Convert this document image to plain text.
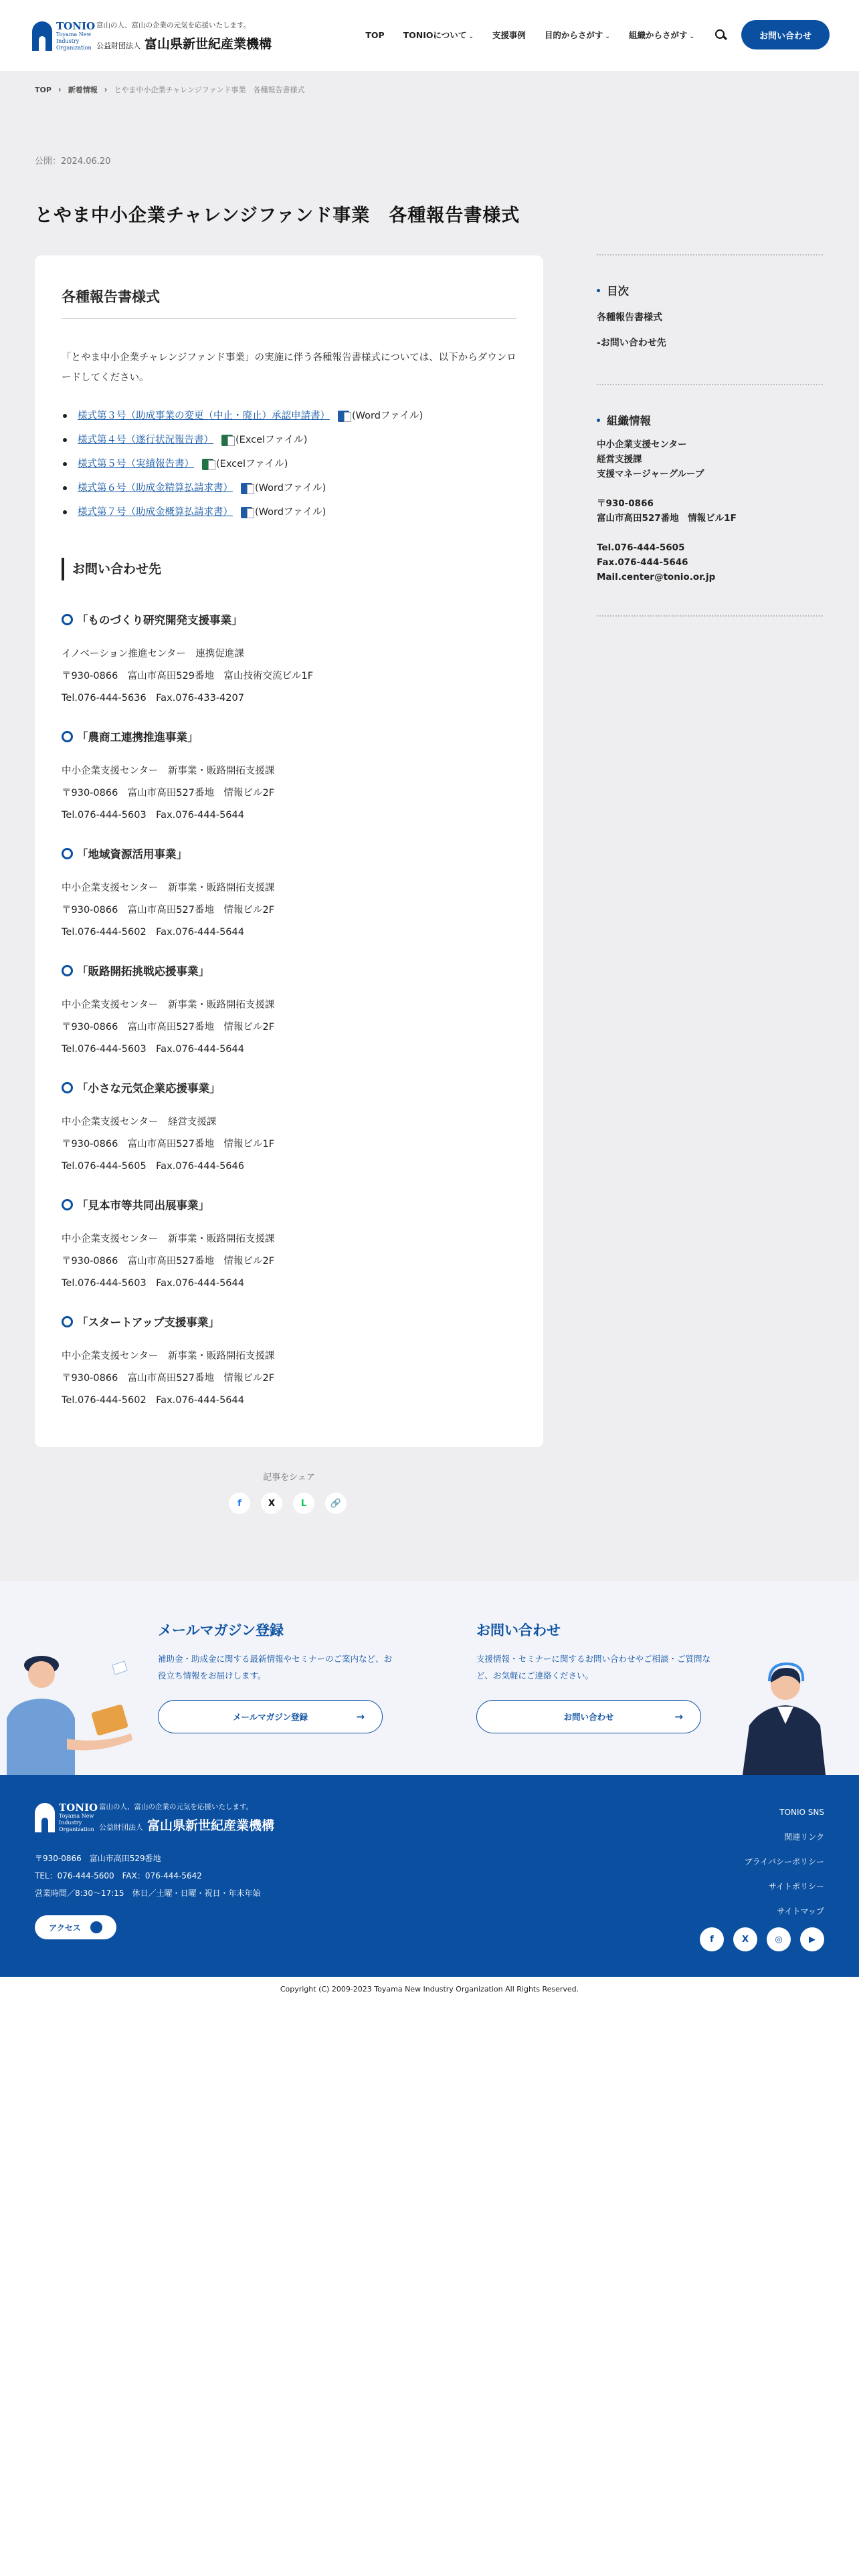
TONIO
Toyama New Industry Organization
富山の人、富山の企業の元気を応援いたします。
公益財団法人 富山県新世紀産業機構
TOP TONIOについて ⌄ 支援事例 目的からさがす ⌄ 組織からさがす ⌄	お問い合わせ
TOP › 新着情報 › とやま中小企業チャレンジファンド事業　各種報告書様式
公開：2024.06.20
とやま中小企業チャレンジファンド事業　各種報告書様式
各種報告書様式

「とやま中小企業チャレンジファンド事業」の実施に伴う各種報告書様式については、以下からダウンロードしてください。

様式第３号（助成事業の変更（中止・廃止）承認申請書） (Wordファイル)
様式第４号（遂行状況報告書） (Excelファイル)
様式第５号（実績報告書） (Excelファイル)
様式第６号（助成金精算払請求書） (Wordファイル)
様式第７号（助成金概算払請求書） (Wordファイル)
お問い合わせ先
「ものづくり研究開発支援事業」
イノベーション推進センター　連携促進課
〒930-0866　富山市高田529番地　富山技術交流ビル1F
Tel.076-444-5636　Fax.076-433-4207
「農商工連携推進事業」
中小企業支援センター　新事業・販路開拓支援課
〒930-0866　富山市高田527番地　情報ビル2F
Tel.076-444-5603　Fax.076-444-5644
「地域資源活用事業」
中小企業支援センター　新事業・販路開拓支援課
〒930-0866　富山市高田527番地　情報ビル2F
Tel.076-444-5602　Fax.076-444-5644
「販路開拓挑戦応援事業」
中小企業支援センター　新事業・販路開拓支援課
〒930-0866　富山市高田527番地　情報ビル2F
Tel.076-444-5603　Fax.076-444-5644
「小さな元気企業応援事業」
中小企業支援センター　経営支援課
〒930-0866　富山市高田527番地　情報ビル1F
Tel.076-444-5605　Fax.076-444-5646
「見本市等共同出展事業」
中小企業支援センター　新事業・販路開拓支援課
〒930-0866　富山市高田527番地　情報ビル2F
Tel.076-444-5603　Fax.076-444-5644
「スタートアップ支援事業」
中小企業支援センター　新事業・販路開拓支援課
〒930-0866　富山市高田527番地　情報ビル2F
Tel.076-444-5602　Fax.076-444-5644
記事をシェア
f	X	L	🔗
目次
各種報告書様式
-お問い合わせ先
組織情報
中小企業支援センター
経営支援課
支援マネージャーグループ
〒930-0866
富山市高田527番地　情報ビル1F
Tel.076-444-5605
Fax.076-444-5646
Mail.center@tonio.or.jp
メールマガジン登録
補助金・助成金に関する最新情報やセミナーのご案内など、お役立ち情報をお届けします。
メールマガジン登録	→
お問い合わせ
支援情報・セミナーに関するお問い合わせやご相談・ご質問など、お気軽にご連絡ください。
お問い合わせ	→
TONIO
Toyama New Industry Organization
富山の人、富山の企業の元気を応援いたします。
公益財団法人 富山県新世紀産業機構
〒930-0866　富山市高田529番地
TEL：076-444-5600　FAX：076-444-5642
営業時間／8:30〜17:15　休日／土曜・日曜・祝日・年末年始
アクセス
TONIO SNS
関連リンク
プライバシーポリシー
サイトポリシー
サイトマップ
f	X	◎	▶
Copyright (C) 2009-2023 Toyama New Industry Organization All Rights Reserved.
